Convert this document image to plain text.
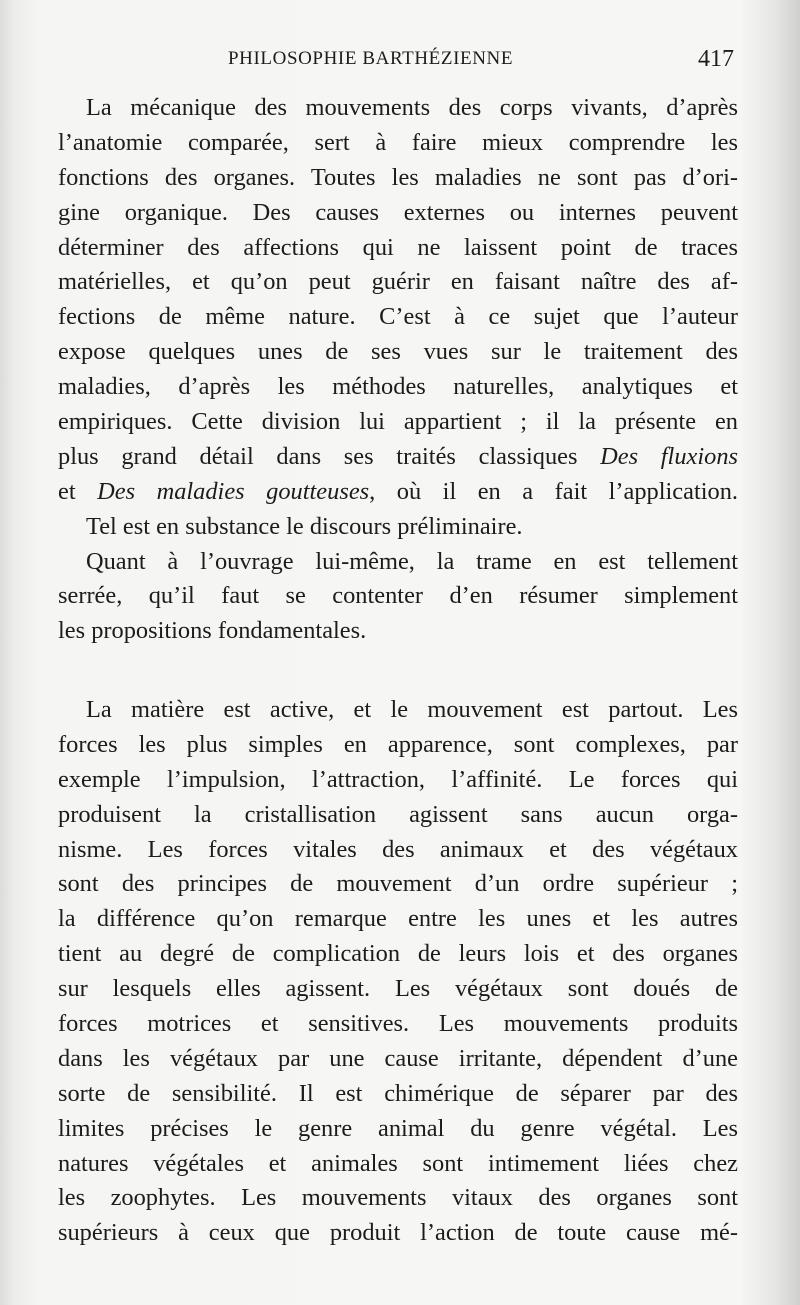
PHILOSOPHIE BARTHÉZIENNE	417
La mécanique des mouvements des corps vivants, d’après
l’anatomie comparée, sert à faire mieux comprendre les
fonctions des organes. Toutes les maladies ne sont pas d’ori-
gine organique. Des causes externes ou internes peuvent
déterminer des affections qui ne laissent point de traces
matérielles, et qu’on peut guérir en faisant naître des af-
fections de même nature. C’est à ce sujet que l’auteur
expose quelques unes de ses vues sur le traitement des
maladies, d’après les méthodes naturelles, analytiques et
empiriques. Cette division lui appartient ; il la présente en
plus grand détail dans ses traités classiques Des fluxions
et Des maladies goutteuses, où il en a fait l’application.
Tel est en substance le discours préliminaire.
Quant à l’ouvrage lui-même, la trame en est tellement
serrée, qu’il faut se contenter d’en résumer simplement
les propositions fondamentales.
La matière est active, et le mouvement est partout. Les
forces les plus simples en apparence, sont complexes, par
exemple l’impulsion, l’attraction, l’affinité. Le forces qui
produisent la cristallisation agissent sans aucun orga-
nisme. Les forces vitales des animaux et des végétaux
sont des principes de mouvement d’un ordre supérieur ;
la différence qu’on remarque entre les unes et les autres
tient au degré de complication de leurs lois et des organes
sur lesquels elles agissent. Les végétaux sont doués de
forces motrices et sensitives. Les mouvements produits
dans les végétaux par une cause irritante, dépendent d’une
sorte de sensibilité. Il est chimérique de séparer par des
limites précises le genre animal du genre végétal. Les
natures végétales et animales sont intimement liées chez
les zoophytes. Les mouvements vitaux des organes sont
supérieurs à ceux que produit l’action de toute cause mé-
